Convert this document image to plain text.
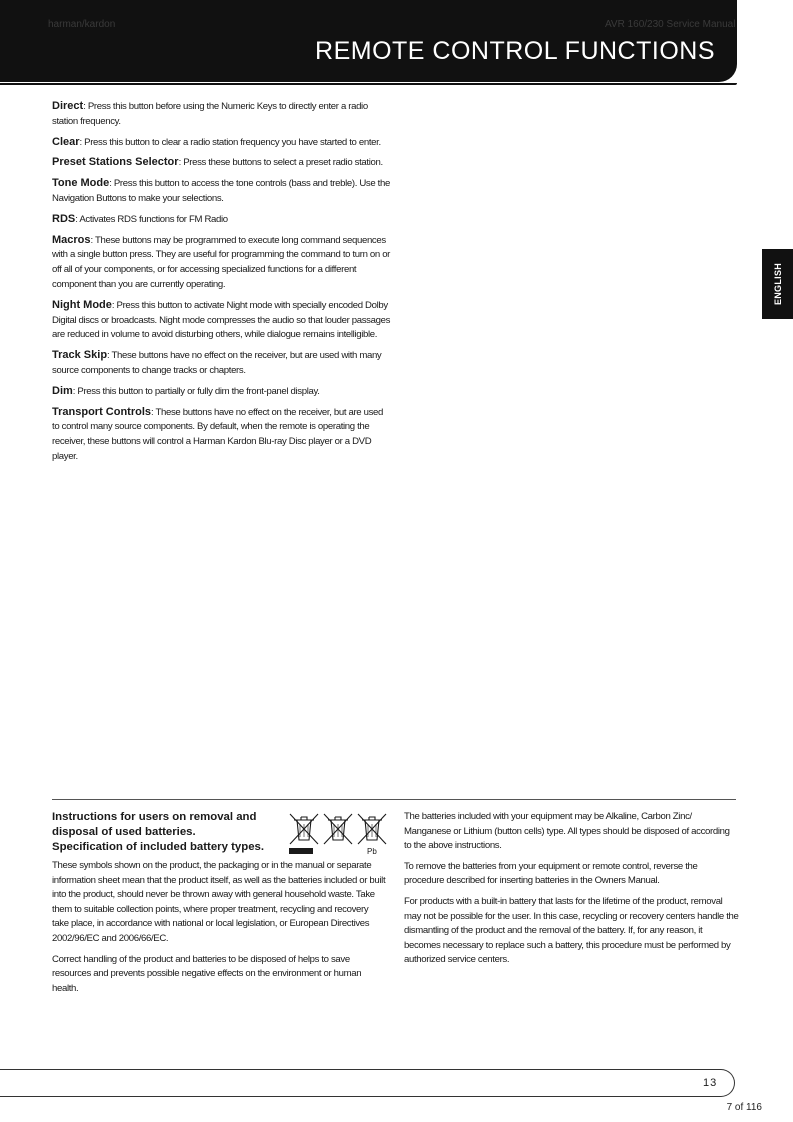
harman/kardon	AVR 160/230 Service Manual
REMOTE CONTROL FUNCTIONS
ENGLISH

Direct: Press this button before using the Numeric Keys to directly enter a radio station frequency.

Clear: Press this button to clear a radio station frequency you have started to enter.

Preset Stations Selector: Press these buttons to select a preset radio station.

Tone Mode: Press this button to access the tone controls (bass and treble). Use the Navigation Buttons to make your selections.

RDS: Activates RDS functions for FM Radio

Macros: These buttons may be programmed to execute long command sequences with a single button press. They are useful for programming the command to turn on or off all of your components, or for accessing specialized functions for a different component than you are currently operating.

Night Mode: Press this button to activate Night mode with specially encoded Dolby Digital discs or broadcasts. Night mode compresses the audio so that louder passages are reduced in volume to avoid disturbing others, while dialogue remains intelligible.

Track Skip: These buttons have no effect on the receiver, but are used with many source components to change tracks or chapters.

Dim: Press this button to partially or fully dim the front-panel display.

Transport Controls: These buttons have no effect on the receiver, but are used to control many source components. By default, when the remote is operating the receiver, these buttons will control a Harman Kardon Blu-ray Disc player or a DVD player.

Instructions for users on removal and
disposal of used batteries.
Specification of included battery types.	Pb

These symbols shown on the product, the packaging or in the manual or separate information sheet mean that the product itself, as well as the batteries included or built into the product, should never be thrown away with general household waste. Take them to suitable collection points, where proper treatment, recycling and recovery take place, in accordance with national or local legislation, or European Directives 2002/96/EC and 2006/66/EC.

Correct handling of the product and batteries to be disposed of helps to save resources and prevents possible negative effects on the environment or human health.

The batteries included with your equipment may be Alkaline, Carbon Zinc/ Manganese or Lithium (button cells) type. All types should be disposed of according to the above instructions.

To remove the batteries from your equipment or remote control, reverse the procedure described for inserting batteries in the Owners Manual.

For products with a built-in battery that lasts for the lifetime of the product, removal may not be possible for the user. In this case, recycling or recovery centers handle the dismantling of the product and the removal of the battery. If, for any reason, it becomes necessary to replace such a battery, this procedure must be performed by authorized service centers.

13
7 of 116
